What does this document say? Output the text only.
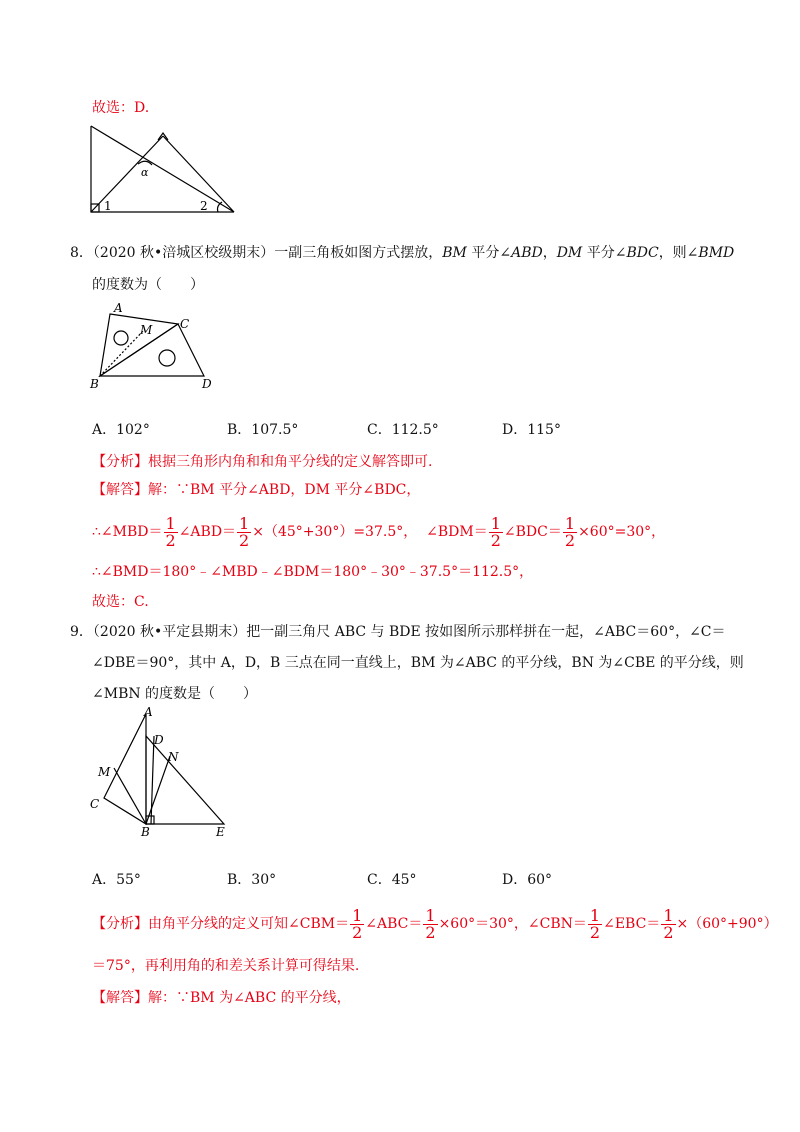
故选：D.
1	2
α
8．（2020 秋•涪城区校级期末）一副三角板如图方式摆放，BM 平分∠ABD，DM 平分∠BDC，则∠BMD
的度数为（　　）
A
C
M
B	D
A．102°	B．107.5°	C．112.5°	D．115°
【分析】根据三角形内角和和角平分线的定义解答即可.
【解答】解：∵BM 平分∠ABD，DM 平分∠BDC，
∴∠MBD＝ $\frac{1}{2}$ ∠ABD＝ $\frac{1}{2} \times(45^\circ+30^\circ)=37.5^\circ$， ∠BDM＝ $\frac{1}{2}$ ∠BDC＝ $\frac{1}{2} \times 60^\circ=30^\circ$，
∴∠BMD＝180°﹣∠MBD﹣∠BDM＝180°﹣30°﹣37.5°＝112.5°，
故选：C.
9．（2020 秋•平定县期末）把一副三角尺 ABC 与 BDE 按如图所示那样拼在一起，∠ABC＝60°，∠C＝
∠DBE＝90°，其中 A，D，B 三点在同一直线上，BM 为∠ABC 的平分线，BN 为∠CBE 的平分线，则
∠MBN 的度数是（　　）
A
D
N
M
C
B	E
A．55°	B．30°	C．45°	D．60°
【分析】由角平分线的定义可知∠CBM＝ $\frac{1}{2}$ ∠ABC＝ $\frac{1}{2} \times 60^\circ=30^\circ$，∠CBN＝ $\frac{1}{2}$ ∠EBC＝ $\frac{1}{2} \times(60^\circ+90^\circ)$
＝75°，再利用角的和差关系计算可得结果.
【解答】解：∵BM 为∠ABC 的平分线，
